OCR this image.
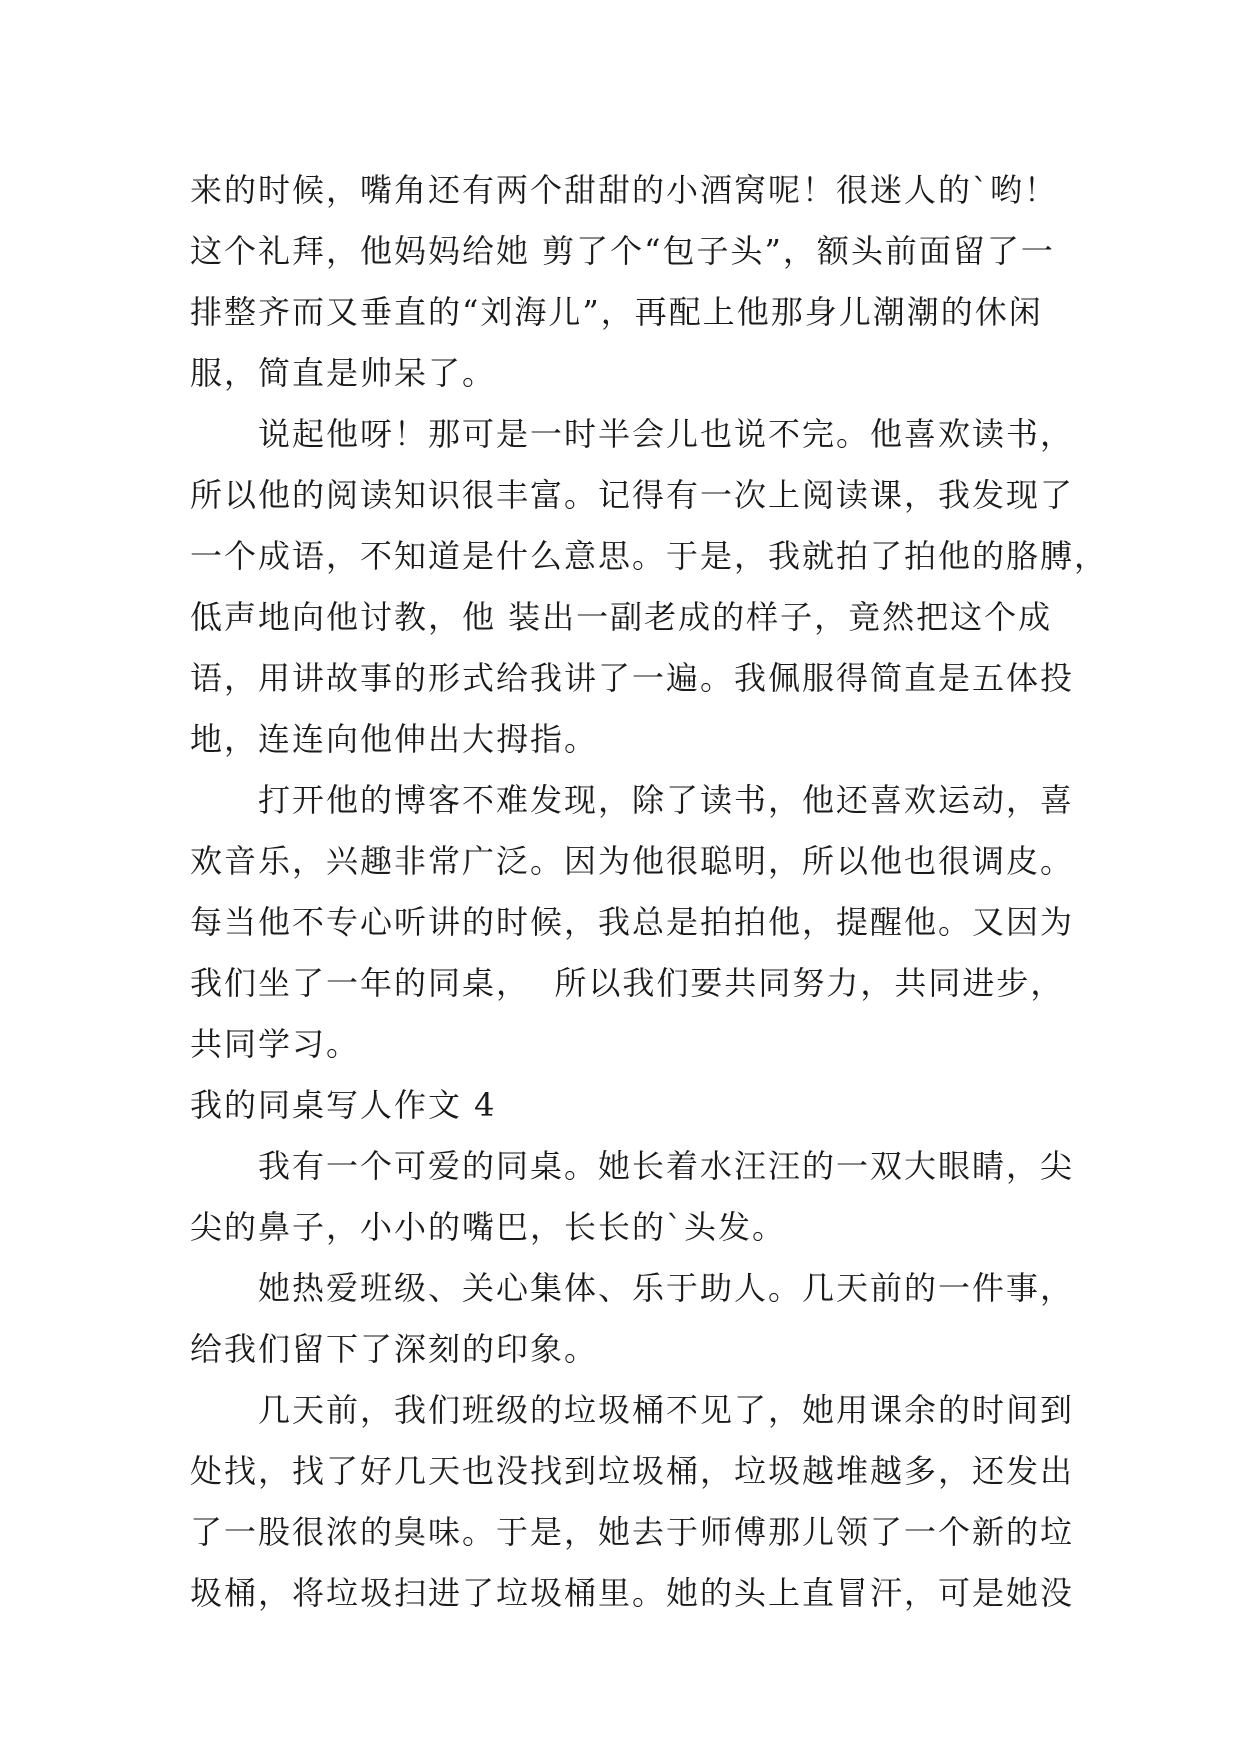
来的时候，嘴角还有两个甜甜的小酒窝呢！很迷人的`哟！
这个礼拜，他妈妈给她 剪了个“包子头”，额头前面留了一
排整齐而又垂直的“刘海儿”，再配上他那身儿潮潮的休闲
服，简直是帅呆了。
说起他呀！那可是一时半会儿也说不完。他喜欢读书，
所以他的阅读知识很丰富。记得有一次上阅读课，我发现了
一个成语，不知道是什么意思。于是，我就拍了拍他的胳膊，
低声地向他讨教，他 装出一副老成的样子，竟然把这个成
语，用讲故事的形式给我讲了一遍。我佩服得简直是五体投
地，连连向他伸出大拇指。
打开他的博客不难发现，除了读书，他还喜欢运动，喜
欢音乐，兴趣非常广泛。因为他很聪明，所以他也很调皮。
每当他不专心听讲的时候，我总是拍拍他，提醒他。又因为
我们坐了一年的同桌，  所以我们要共同努力，共同进步，
共同学习。
我的同桌写人作文 4
我有一个可爱的同桌。她长着水汪汪的一双大眼睛，尖
尖的鼻子，小小的嘴巴，长长的`头发。
她热爱班级、关心集体、乐于助人。几天前的一件事，
给我们留下了深刻的印象。
几天前，我们班级的垃圾桶不见了，她用课余的时间到
处找，找了好几天也没找到垃圾桶，垃圾越堆越多，还发出
了一股很浓的臭味。于是，她去于师傅那儿领了一个新的垃
圾桶，将垃圾扫进了垃圾桶里。她的头上直冒汗，可是她没
